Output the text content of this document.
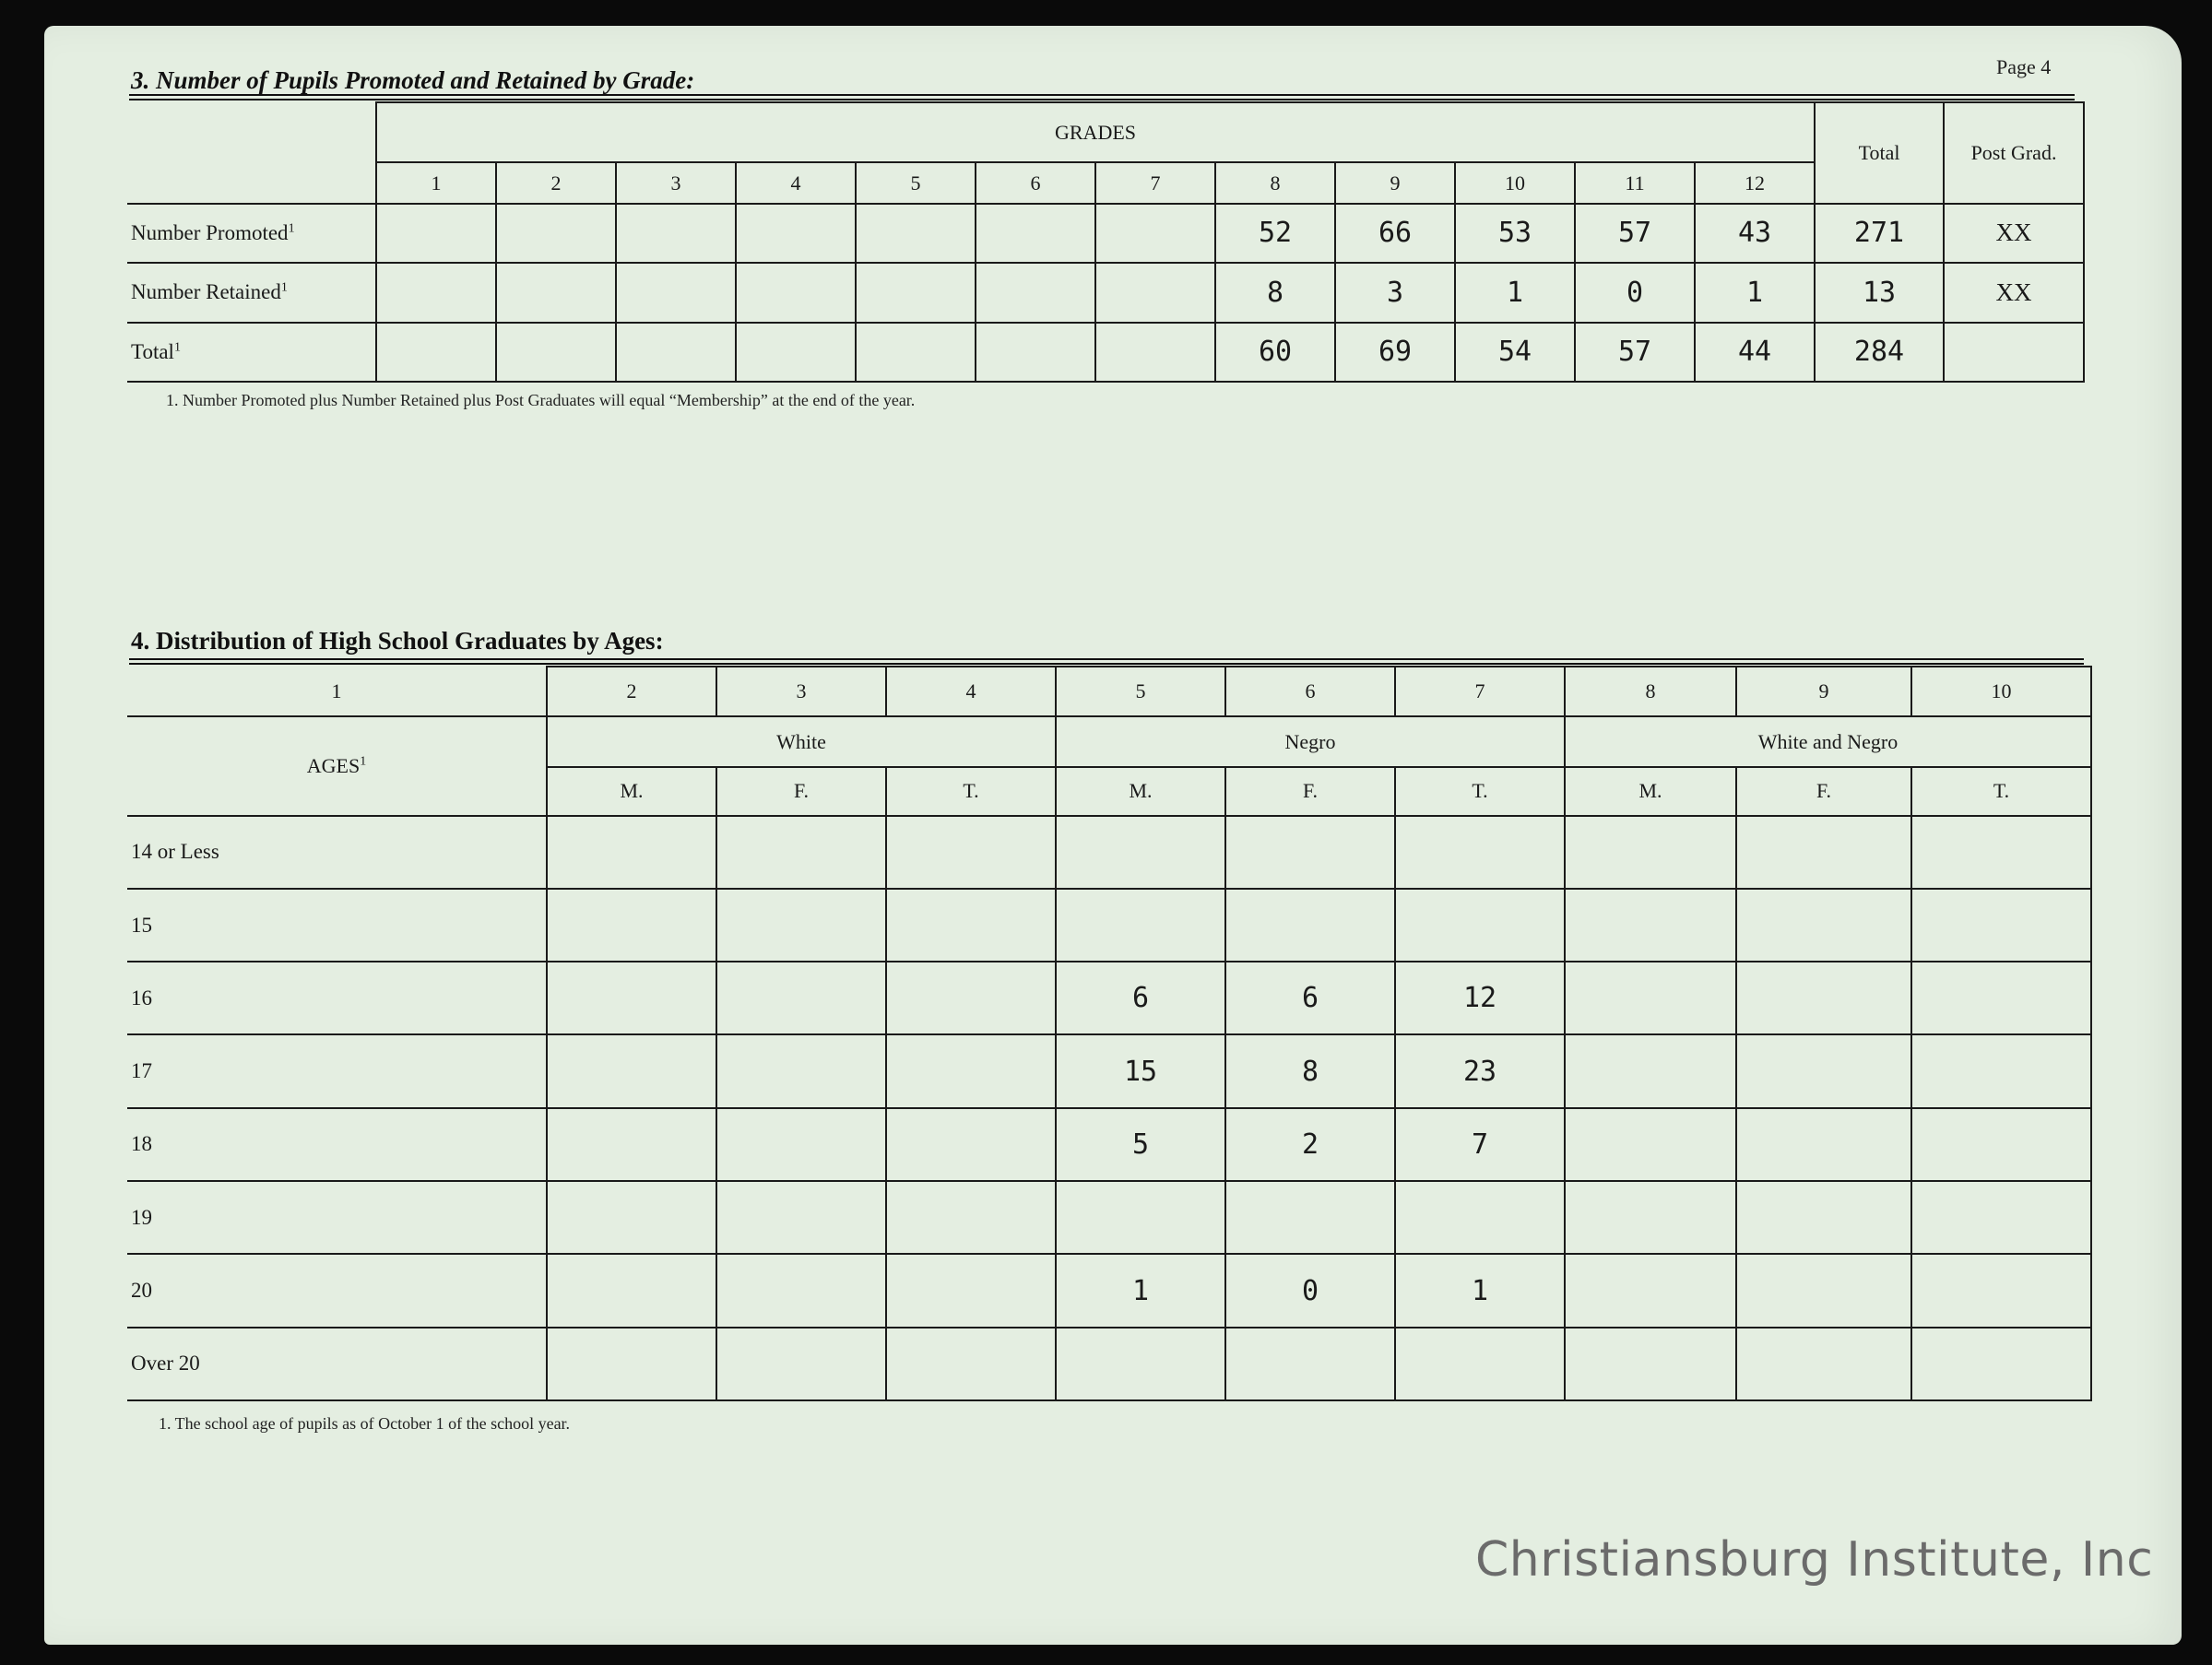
Page 4
3. Number of Pupils Promoted and Retained by Grade:
	GRADES												Total	Post Grad.
	1	2	3	4	5	6	7	8	9	10	11	12		
Number Promoted$^1$								52	66	53	57	43	271	XX
Number Retained$^1$								8	3	1	0	1	13	XX
Total$^1$								60	69	54	57	44	284	
1. Number Promoted plus Number Retained plus Post Graduates will equal “Membership” at the end of the year.
4. Distribution of High School Graduates by Ages:
1	2	3	4	5	6	7	8	9	10
AGES$^1$	White			Negro			White and Negro		
	M.	F.	T.	M.	F.	T.	M.	F.	T.
14 or Less									
15									
16				6	6	12			
17				15	8	23			
18				5	2	7			
19									
20				1	0	1			
Over 20									
1. The school age of pupils as of October 1 of the school year.
Christiansburg Institute, Inc
